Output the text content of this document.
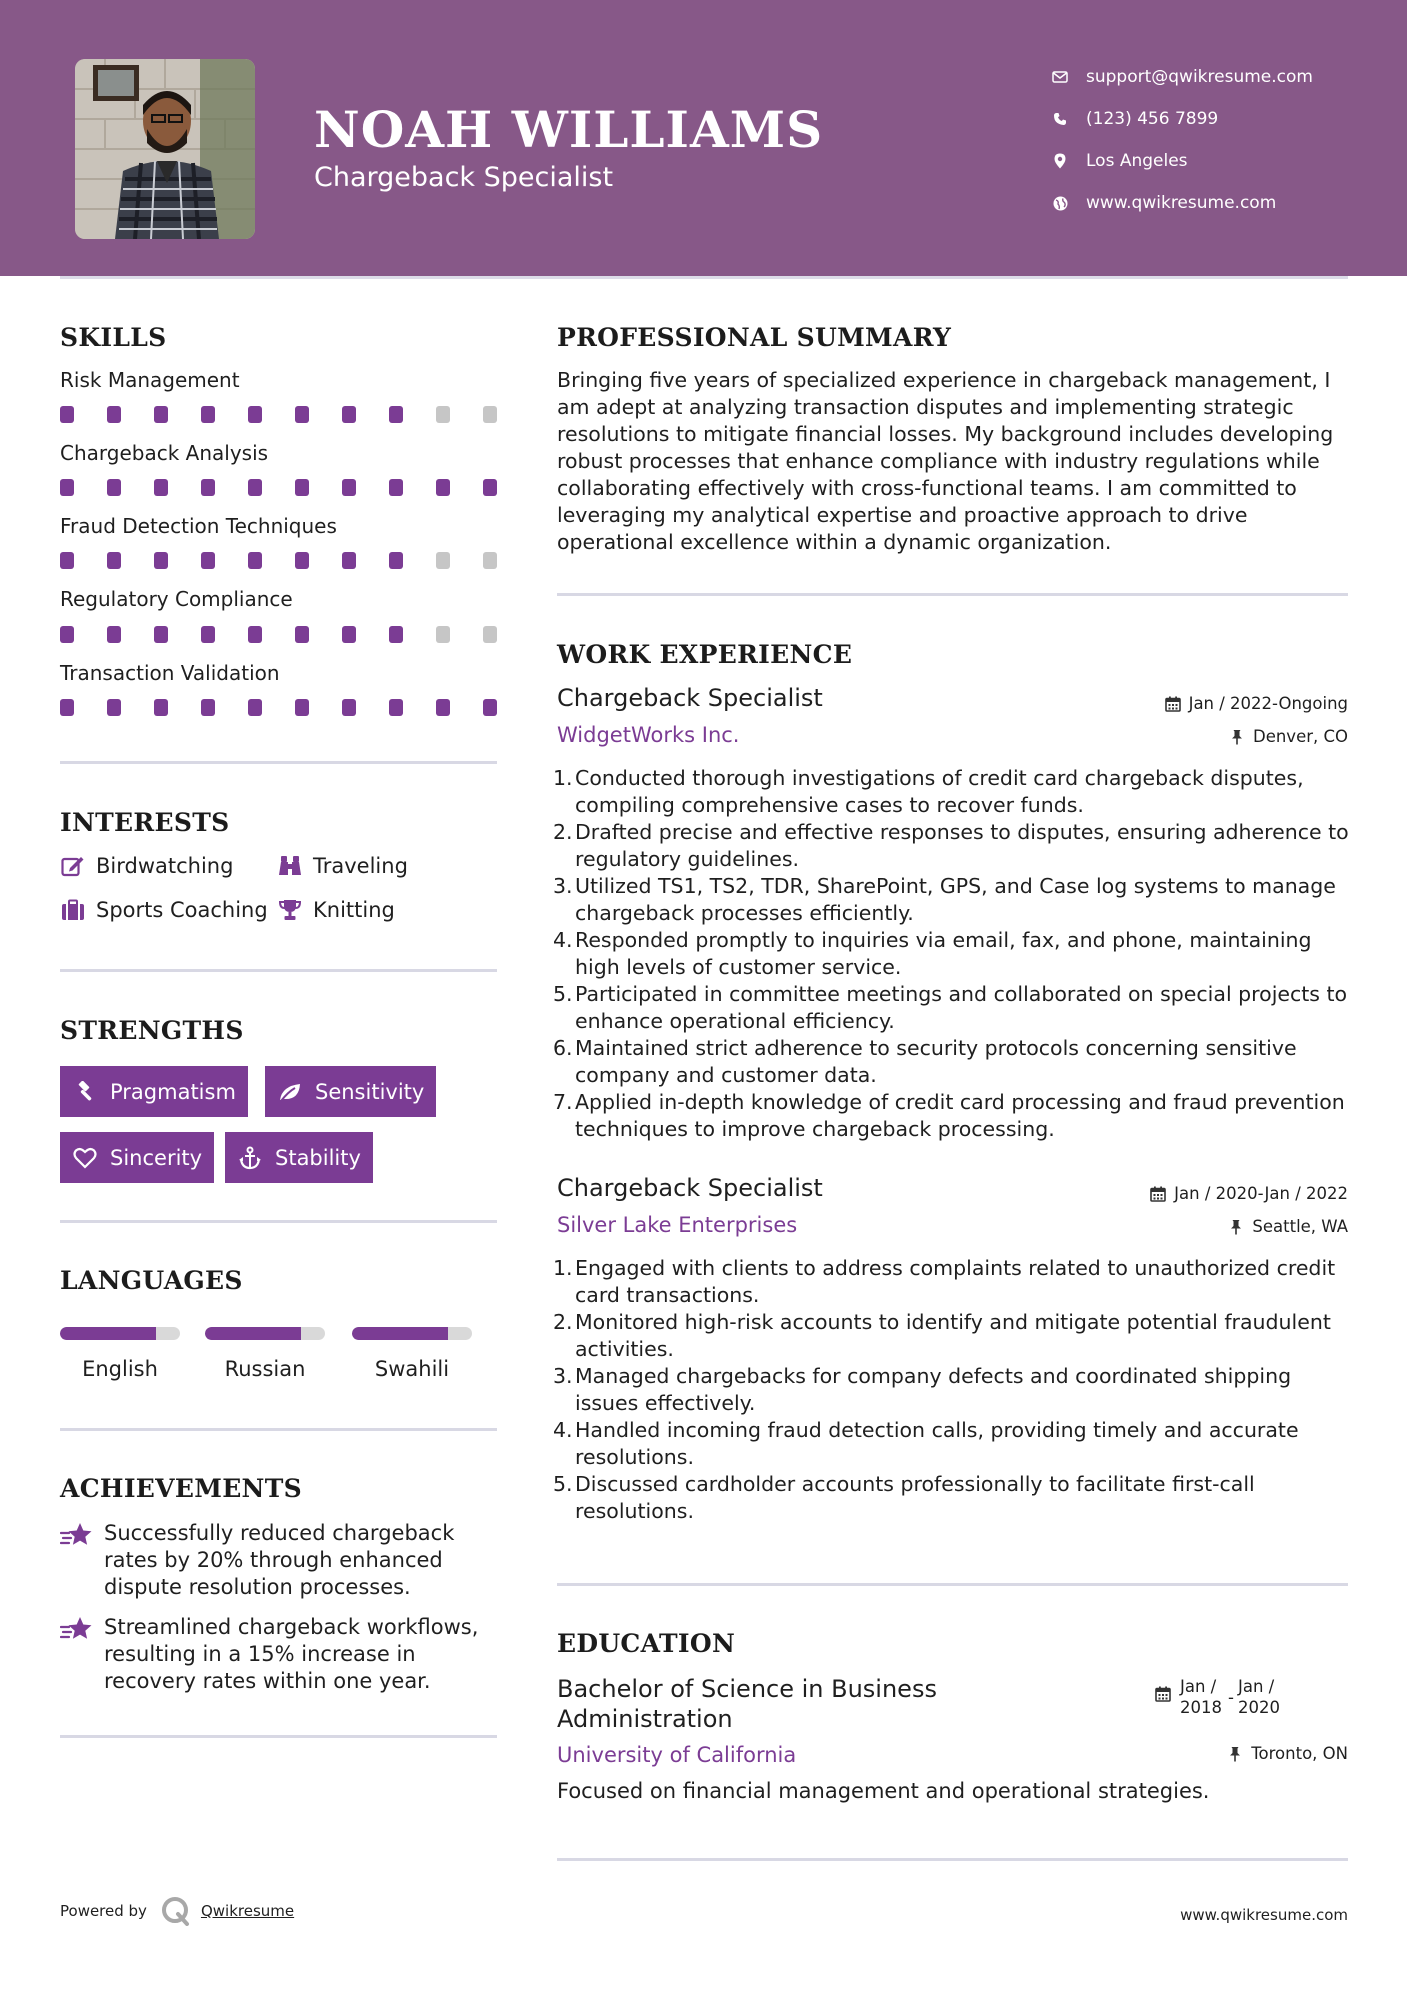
NOAH WILLIAMS
Chargeback Specialist
support@qwikresume.com
(123) 456 7899
Los Angeles
www.qwikresume.com
SKILLS
Risk Management
Chargeback Analysis
Fraud Detection Techniques
Regulatory Compliance
Transaction Validation
INTERESTS
Birdwatching	Traveling
Sports Coaching Knitting
STRENGTHS
Pragmatism	Sensitivity
Sincerity	Stability
LANGUAGES
English	Russian	Swahili
ACHIEVEMENTS
Successfully reduced chargeback rates by 20% through enhanced dispute resolution processes.
Streamlined chargeback workflows, resulting in a 15% increase in recovery rates within one year.
PROFESSIONAL SUMMARY
Bringing five years of specialized experience in chargeback management, I am adept at analyzing transaction disputes and implementing strategic resolutions to mitigate financial losses. My background includes developing robust processes that enhance compliance with industry regulations while collaborating effectively with cross-functional teams. I am committed to leveraging my analytical expertise and proactive approach to drive operational excellence within a dynamic organization.
WORK EXPERIENCE
Chargeback Specialist	Jan / 2022-Ongoing
WidgetWorks Inc.	Denver, CO
1. Conducted thorough investigations of credit card chargeback disputes, compiling comprehensive cases to recover funds.
2. Drafted precise and effective responses to disputes, ensuring adherence to regulatory guidelines.
3. Utilized TS1, TS2, TDR, SharePoint, GPS, and Case log systems to manage chargeback processes efficiently.
4. Responded promptly to inquiries via email, fax, and phone, maintaining high levels of customer service.
5. Participated in committee meetings and collaborated on special projects to enhance operational efficiency.
6. Maintained strict adherence to security protocols concerning sensitive company and customer data.
7. Applied in-depth knowledge of credit card processing and fraud prevention techniques to improve chargeback processing.
Chargeback Specialist	Jan / 2020-Jan / 2022
Silver Lake Enterprises	Seattle, WA
1. Engaged with clients to address complaints related to unauthorized credit card transactions.
2. Monitored high-risk accounts to identify and mitigate potential fraudulent activities.
3. Managed chargebacks for company defects and coordinated shipping issues effectively.
4. Handled incoming fraud detection calls, providing timely and accurate resolutions.
5. Discussed cardholder accounts professionally to facilitate first-call resolutions.
EDUCATION
Bachelor of Science in Business Administration
Jan /
2018
-
Jan /
2020
University of California	Toronto, ON
Focused on financial management and operational strategies.
Powered by	Qwikresume	www.qwikresume.com
